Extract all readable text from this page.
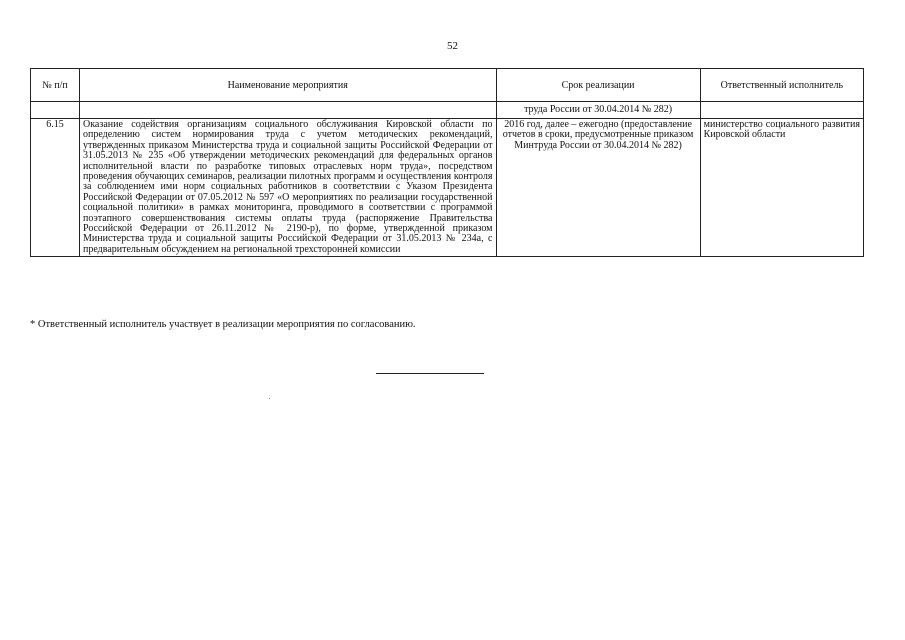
52
№ п/п	Наименование мероприятия	Срок реализации	Ответственный исполнитель
		труда России от 30.04.2014 № 282)	
6.15	Оказание содействия организациям социального обслуживания Кировской области по определению систем нормирования труда с учетом методических рекомендаций, утвержденных приказом Министерства труда и социальной защиты Российской Федерации от 31.05.2013 № 235 «Об утверждении методических рекомендаций для федеральных органов исполнительной власти по разработке типовых отраслевых норм труда», посредством проведения обучающих семинаров, реализации пилотных программ и осуществления контроля за соблюдением ими норм социальных работников в соответствии с Указом Президента Российской Федерации от 07.05.2012 № 597 «О мероприятиях по реализации государственной социальной политики» в рамках мониторинга, проводимого в соответствии с программой поэтапного совершенствования системы оплаты труда (распоряжение Правительства Российской Федерации от 26.11.2012 № 2190-р), по форме, утвержденной приказом Министерства труда и социальной защиты Российской Федерации от 31.05.2013 № 234а, с предварительным обсуждением на региональной трехсторонней комиссии	2016 год, далее – ежегодно (предоставление отчетов в сроки, предусмотренные приказом Минтруда России от 30.04.2014 № 282)	министерство социального развития Кировской области
* Ответственный исполнитель участвует в реализации мероприятия по согласованию.
